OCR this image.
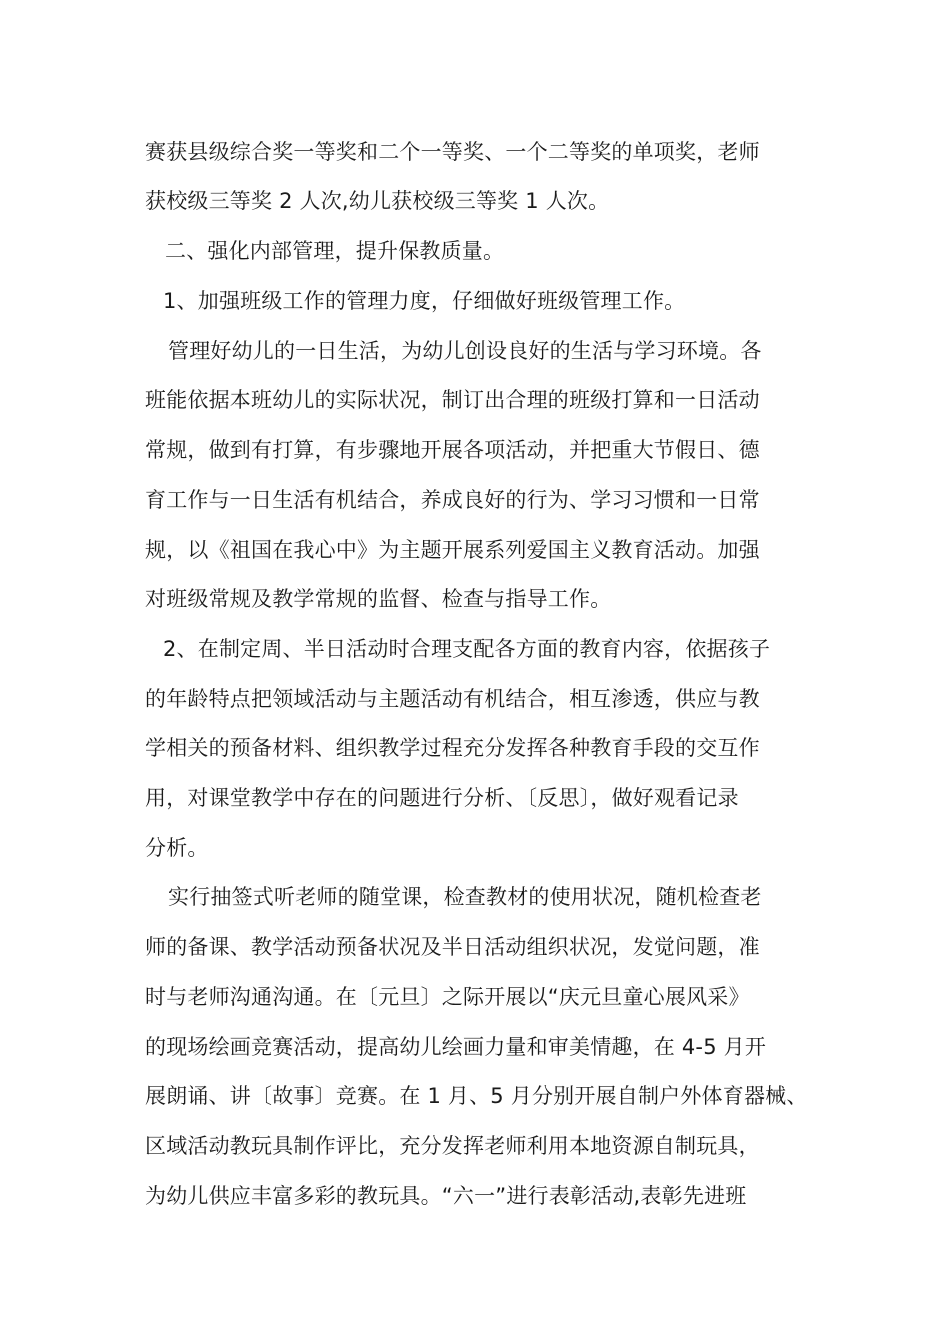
赛获县级综合奖一等奖和二个一等奖、一个二等奖的单项奖，老师
获校级三等奖 2 人次,幼儿获校级三等奖 1 人次。
二、强化内部管理，提升保教质量。
1、加强班级工作的管理力度，仔细做好班级管理工作。
管理好幼儿的一日生活，为幼儿创设良好的生活与学习环境。各
班能依据本班幼儿的实际状况，制订出合理的班级打算和一日活动
常规，做到有打算，有步骤地开展各项活动，并把重大节假日、德
育工作与一日生活有机结合，养成良好的行为、学习习惯和一日常
规，以《祖国在我心中》为主题开展系列爱国主义教育活动。加强
对班级常规及教学常规的监督、检查与指导工作。
2、在制定周、半日活动时合理支配各方面的教育内容，依据孩子
的年龄特点把领域活动与主题活动有机结合，相互渗透，供应与教
学相关的预备材料、组织教学过程充分发挥各种教育手段的交互作
用，对课堂教学中存在的问题进行分析、〔反思〕，做好观看记录
分析。
实行抽签式听老师的随堂课，检查教材的使用状况，随机检查老
师的备课、教学活动预备状况及半日活动组织状况，发觉问题，准
时与老师沟通沟通。在〔元旦〕之际开展以“庆元旦童心展风采》
的现场绘画竞赛活动，提高幼儿绘画力量和审美情趣，在 4-5 月开
展朗诵、讲〔故事〕竞赛。在 1 月、5 月分别开展自制户外体育器械、
区域活动教玩具制作评比，充分发挥老师利用本地资源自制玩具，
为幼儿供应丰富多彩的教玩具。“六一”进行表彰活动,表彰先进班
